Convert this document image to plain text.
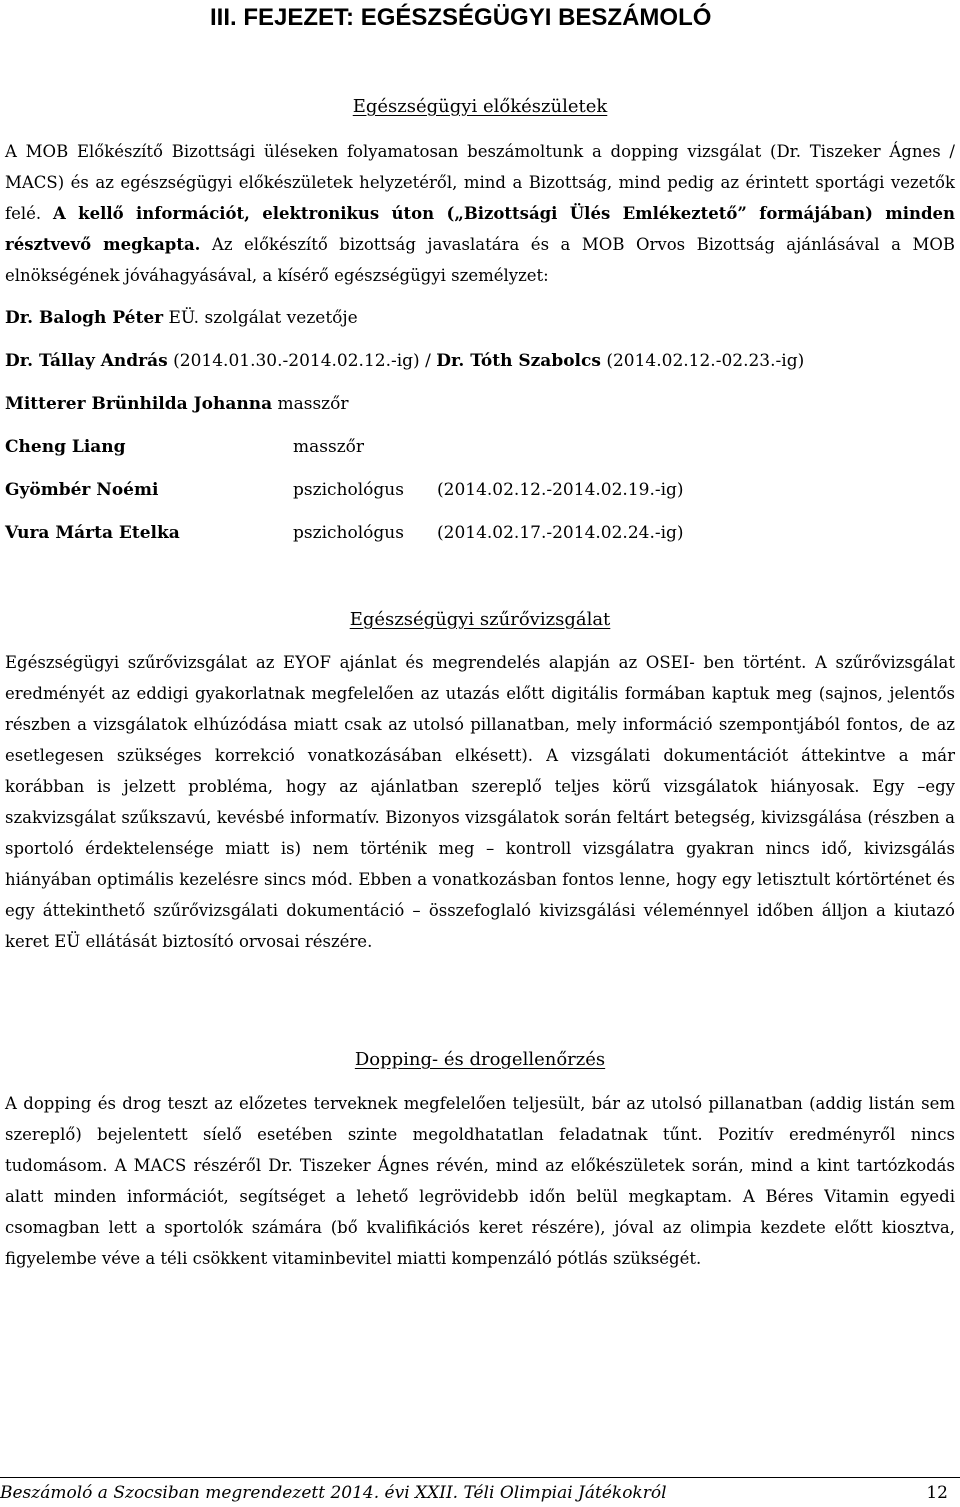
III. FEJEZET: EGÉSZSÉGÜGYI BESZÁMOLÓ
Egészségügyi előkészületek

A MOB Előkészítő Bizottsági üléseken folyamatosan beszámoltunk a dopping vizsgálat (Dr. Tiszeker Ágnes / MACS) és az egészségügyi előkészületek helyzetéről, mind a Bizottság, mind pedig az érintett sportági vezetők felé. A kellő információt, elektronikus úton („Bizottsági Ülés Emlékeztető” formájában) minden résztvevő megkapta. Az előkészítő bizottság javaslatára és a MOB Orvos Bizottság ajánlásával a MOB elnökségének jóváhagyásával, a kísérő egészségügyi személyzet:

Dr. Balogh Péter EÜ. szolgálat vezetője
Dr. Tállay András (2014.01.30.-2014.02.12.-ig) / Dr. Tóth Szabolcs (2014.02.12.-02.23.-ig)
Mitterer Brünhilda Johanna masszőr
Cheng Liang	masszőr
Gyömbér Noémi	pszichológus (2014.02.12.-2014.02.19.-ig)
Vura Márta Etelka	pszichológus (2014.02.17.-2014.02.24.-ig)
Egészségügyi szűrővizsgálat

Egészségügyi szűrővizsgálat az EYOF ajánlat és megrendelés alapján az OSEI- ben történt. A szűrővizsgálat eredményét az eddigi gyakorlatnak megfelelően az utazás előtt digitális formában kaptuk meg (sajnos, jelentős részben a vizsgálatok elhúzódása miatt csak az utolsó pillanatban, mely információ szempontjából fontos, de az esetlegesen szükséges korrekció vonatkozásában elkésett). A vizsgálati dokumentációt áttekintve a már korábban is jelzett probléma, hogy az ajánlatban szereplő teljes körű vizsgálatok hiányosak. Egy –egy szakvizsgálat szűkszavú, kevésbé informatív. Bizonyos vizsgálatok során feltárt betegség, kivizsgálása (részben a sportoló érdektelensége miatt is) nem történik meg – kontroll vizsgálatra gyakran nincs idő, kivizsgálás hiányában optimális kezelésre sincs mód. Ebben a vonatkozásban fontos lenne, hogy egy letisztult kórtörténet és egy áttekinthető szűrővizsgálati dokumentáció – összefoglaló kivizsgálási véleménnyel időben álljon a kiutazó keret EÜ ellátását biztosító orvosai részére.

Dopping- és drogellenőrzés

A dopping és drog teszt az előzetes terveknek megfelelően teljesült, bár az utolsó pillanatban (addig listán sem szereplő) bejelentett síelő esetében szinte megoldhatatlan feladatnak tűnt. Pozitív eredményről nincs tudomásom. A MACS részéről Dr. Tiszeker Ágnes révén, mind az előkészületek során, mind a kint tartózkodás alatt minden információt, segítséget a lehető legrövidebb időn belül megkaptam. A Béres Vitamin egyedi csomagban lett a sportolók számára (bő kvalifikációs keret részére), jóval az olimpia kezdete előtt kiosztva, figyelembe véve a téli csökkent vitaminbevitel miatti kompenzáló pótlás szükségét.

Beszámoló a Szocsiban megrendezett 2014. évi XXII. Téli Olimpiai Játékokról	12
